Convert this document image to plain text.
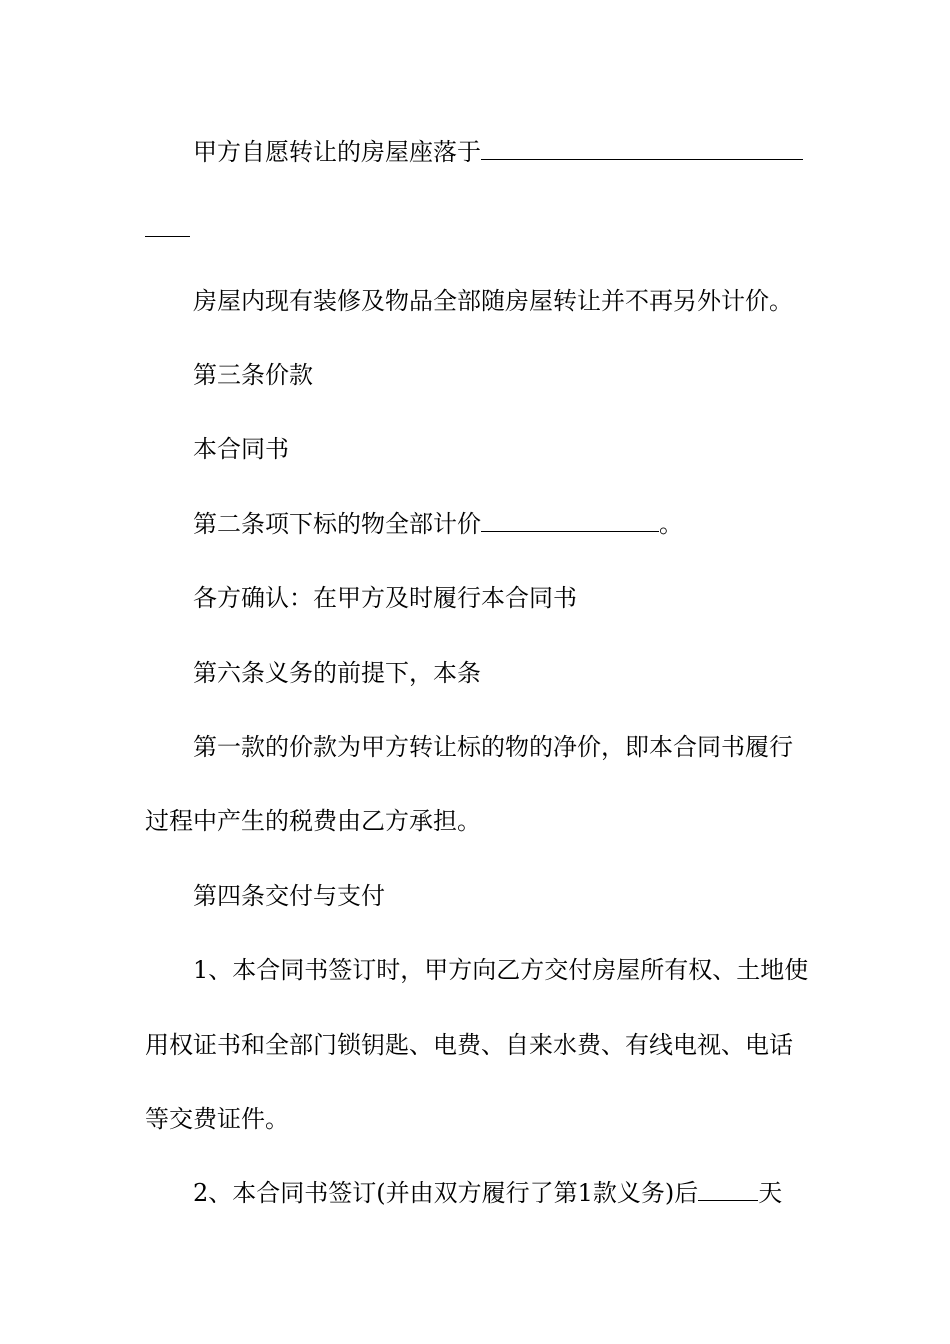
甲方自愿转让的房屋座落于

房屋内现有装修及物品全部随房屋转让并不再另外计价。

第三条价款

本合同书

第二条项下标的物全部计价	。

各方确认：在甲方及时履行本合同书

第六条义务的前提下，本条

第一款的价款为甲方转让标的物的净价，即本合同书履行

过程中产生的税费由乙方承担。

第四条交付与支付

1、本合同书签订时，甲方向乙方交付房屋所有权、土地使

用权证书和全部门锁钥匙、电费、自来水费、有线电视、电话

等交费证件。

2、本合同书签订(并由双方履行了第1款义务)后	天
